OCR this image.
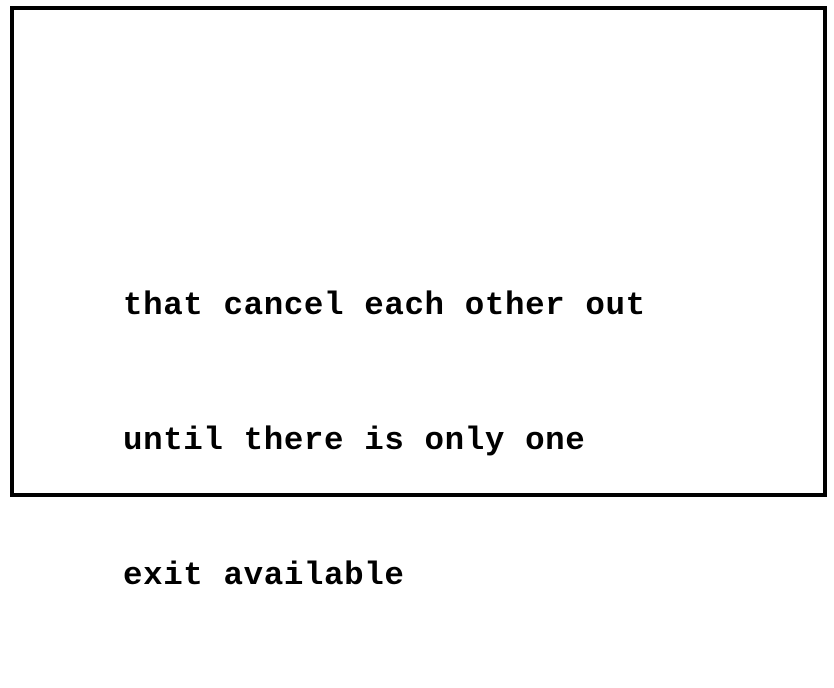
that cancel each other out

until there is only one

exit available
